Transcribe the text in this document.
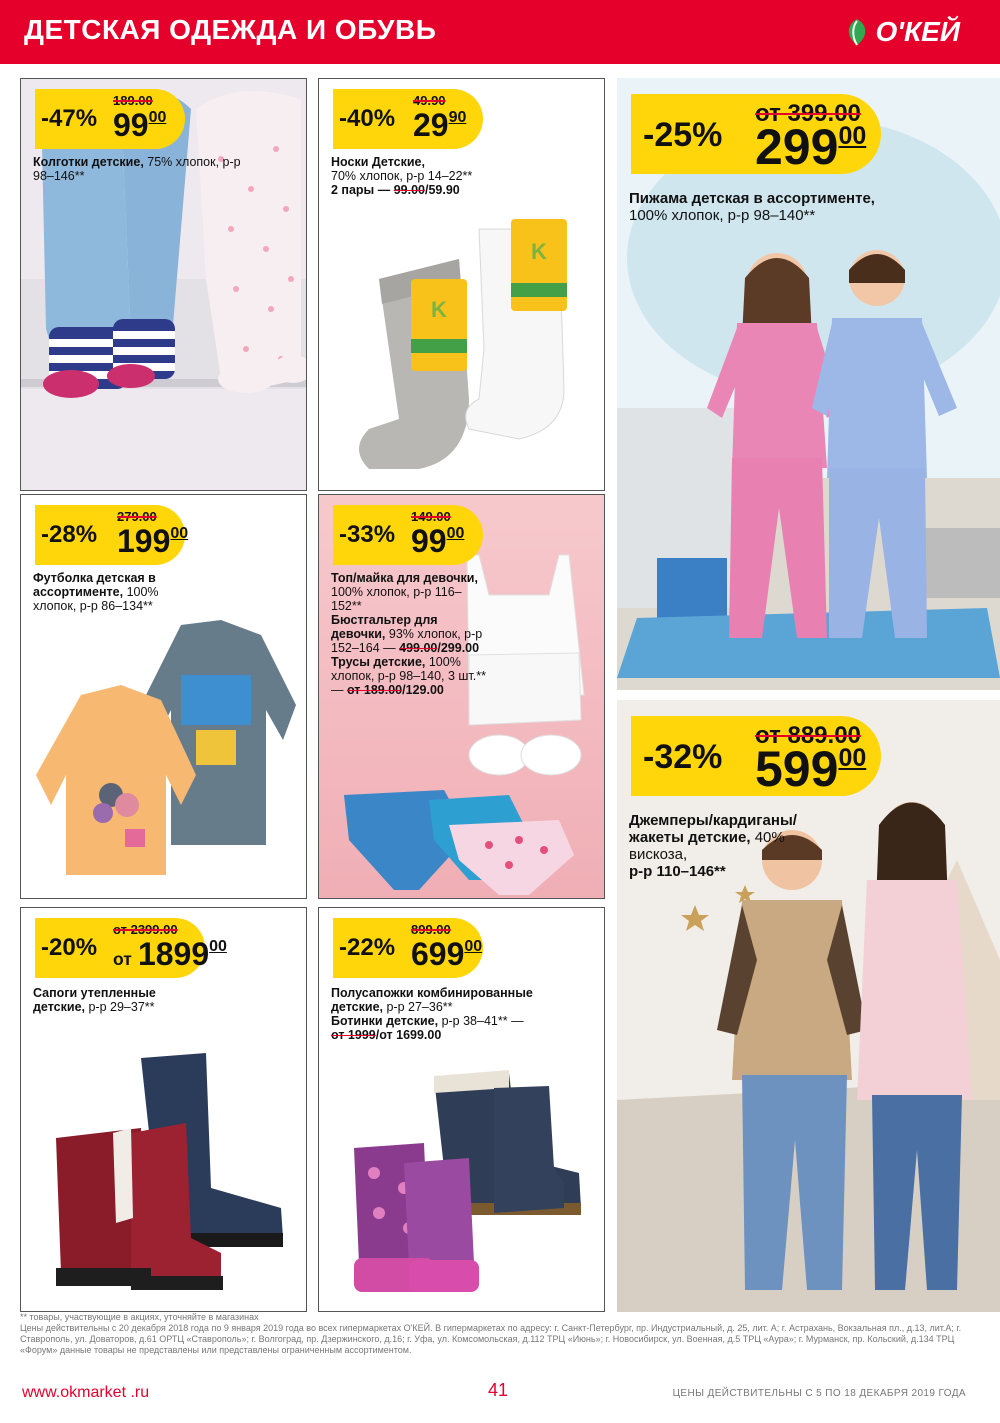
ДЕТСКАЯ ОДЕЖДА И ОБУВЬ	О'КЕЙ
-47%
189.00
$99^{00}$
Колготки детские, 75% хлопок, р-р 98–146**
K
K
-40%
49.90
$29^{90}$
Носки Детские,
70% хлопок, р-р 14–22**
2 пары — 99.00/59.90
-25%
от 399.00
$299^{00}$
Пижама детская в ассортименте, 100% хлопок, р-р 98–140**
-28%
279.00
$199^{00}$
Футболка детская в ассортименте, 100% хлопок, р-р 86–134**
-33%
149.00
$99^{00}$
Топ/майка для девочки, 100% хлопок, р-р 116–152**
Бюстгальтер для девочки, 93% хлопок, р-р 152–164 — 499.00/299.00
Трусы детские, 100% хлопок, р-р 98–140, 3 шт.** — от 189.00/129.00
-32%
от 889.00
$599^{00}$
Джемперы/кардиганы/ жакеты детские, 40% вискоза,
р-р 110–146**
-20%
от 2399.00
от 1899$^{00}$
Сапоги утепленные детские, р-р 29–37**
-22%
899.00
$699^{00}$
Полусапожки комбинированные детские, р-р 27–36**
Ботинки детские, р-р 38–41** —
от 1999/от 1699.00
** товары, участвующие в акциях, уточняйте в магазинах
Цены действительны с 20 декабря 2018 года по 9 января 2019 года во всех гипермаркетах О'КЕЙ. В гипермаркетах по адресу: г. Санкт-Петербург, пр. Индустриальный, д. 25, лит. А; г. Астрахань, Вокзальная пл., д.13, лит.А; г. Ставрополь, ул. Доваторов, д.61 ОРТЦ «Ставрополь»; г. Волгоград, пр. Дзержинского, д.16; г. Уфа, ул. Комсомольская, д.112 ТРЦ «Июнь»; г. Новосибирск, ул. Военная, д.5 ТРЦ «Аура»; г. Мурманск, пр. Кольский, д.134 ТРЦ «Форум» данные товары не представлены или представлены ограниченным ассортиментом.
www.okmarket .ru	41	ЦЕНЫ ДЕЙСТВИТЕЛЬНЫ С 5 ПО 18 ДЕКАБРЯ 2019 ГОДА
